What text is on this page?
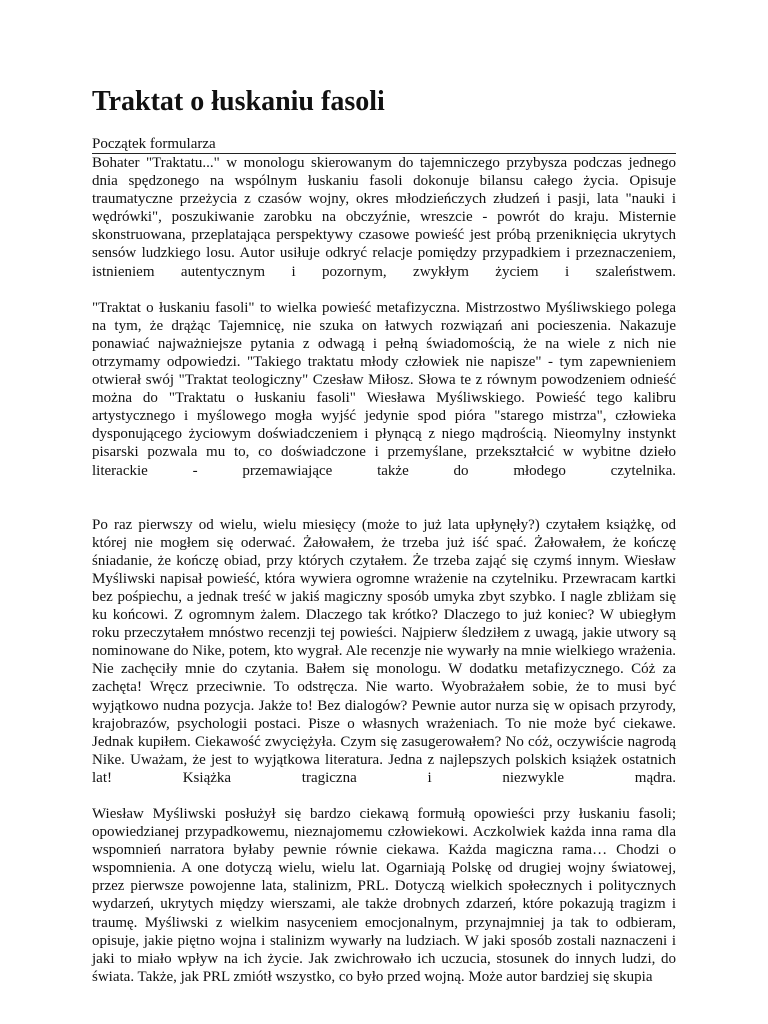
Traktat o łuskaniu fasoli
Początek formularza

Bohater "Traktatu..." w monologu skierowanym do tajemniczego przybysza podczas jednego dnia spędzonego na wspólnym łuskaniu fasoli dokonuje bilansu całego życia. Opisuje traumatyczne przeżycia z czasów wojny, okres młodzieńczych złudzeń i pasji, lata "nauki i wędrówki", poszukiwanie zarobku na obczyźnie, wreszcie - powrót do kraju. Misternie skonstruowana, przeplatająca perspektywy czasowe powieść jest próbą przeniknięcia ukrytych sensów ludzkiego losu. Autor usiłuje odkryć relacje pomiędzy przypadkiem i przeznaczeniem, istnieniem autentycznym i pozornym, zwykłym życiem i szaleństwem.

"Traktat o łuskaniu fasoli" to wielka powieść metafizyczna. Mistrzostwo Myśliwskiego polega na tym, że drążąc Tajemnicę, nie szuka on łatwych rozwiązań ani pocieszenia. Nakazuje ponawiać najważniejsze pytania z odwagą i pełną świadomością, że na wiele z nich nie otrzymamy odpowiedzi. "Takiego traktatu młody człowiek nie napisze" - tym zapewnieniem otwierał swój "Traktat teologiczny" Czesław Miłosz. Słowa te z równym powodzeniem odnieść można do "Traktatu o łuskaniu fasoli" Wiesława Myśliwskiego. Powieść tego kalibru artystycznego i myślowego mogła wyjść jedynie spod pióra "starego mistrza", człowieka dysponującego życiowym doświadczeniem i płynącą z niego mądrością. Nieomylny instynkt pisarski pozwala mu to, co doświadczone i przemyślane, przekształcić w wybitne dzieło literackie - przemawiające także do młodego czytelnika.

Po raz pierwszy od wielu, wielu miesięcy (może to już lata upłynęły?) czytałem książkę, od której nie mogłem się oderwać. Żałowałem, że trzeba już iść spać. Żałowałem, że kończę śniadanie, że kończę obiad, przy których czytałem. Że trzeba zająć się czymś innym. Wiesław Myśliwski napisał powieść, która wywiera ogromne wrażenie na czytelniku. Przewracam kartki bez pośpiechu, a jednak treść w jakiś magiczny sposób umyka zbyt szybko. I nagle zbliżam się ku końcowi. Z ogromnym żalem. Dlaczego tak krótko? Dlaczego to już koniec? W ubiegłym roku przeczytałem mnóstwo recenzji tej powieści. Najpierw śledziłem z uwagą, jakie utwory są nominowane do Nike, potem, kto wygrał. Ale recenzje nie wywarły na mnie wielkiego wrażenia. Nie zachęciły mnie do czytania. Bałem się monologu. W dodatku metafizycznego. Cóż za zachęta! Wręcz przeciwnie. To odstręcza. Nie warto. Wyobrażałem sobie, że to musi być wyjątkowo nudna pozycja. Jakże to! Bez dialogów? Pewnie autor nurza się w opisach przyrody, krajobrazów, psychologii postaci. Pisze o własnych wrażeniach. To nie może być ciekawe. Jednak kupiłem. Ciekawość zwyciężyła. Czym się zasugerowałem? No cóż, oczywiście nagrodą Nike. Uważam, że jest to wyjątkowa literatura. Jedna z najlepszych polskich książek ostatnich lat! Książka tragiczna i niezwykle mądra.

Wiesław Myśliwski posłużył się bardzo ciekawą formułą opowieści przy łuskaniu fasoli; opowiedzianej przypadkowemu, nieznajomemu człowiekowi. Aczkolwiek każda inna rama dla wspomnień narratora byłaby pewnie równie ciekawa. Każda magiczna rama… Chodzi o wspomnienia. A one dotyczą wielu, wielu lat. Ogarniają Polskę od drugiej wojny światowej, przez pierwsze powojenne lata, stalinizm, PRL. Dotyczą wielkich społecznych i politycznych wydarzeń, ukrytych między wierszami, ale także drobnych zdarzeń, które pokazują tragizm i traumę. Myśliwski z wielkim nasyceniem emocjonalnym, przynajmniej ja tak to odbieram, opisuje, jakie piętno wojna i stalinizm wywarły na ludziach. W jaki sposób zostali naznaczeni i jaki to miało wpływ na ich życie. Jak zwichrowało ich uczucia, stosunek do innych ludzi, do świata. Także, jak PRL zmiótł wszystko, co było przed wojną. Może autor bardziej się skupia
